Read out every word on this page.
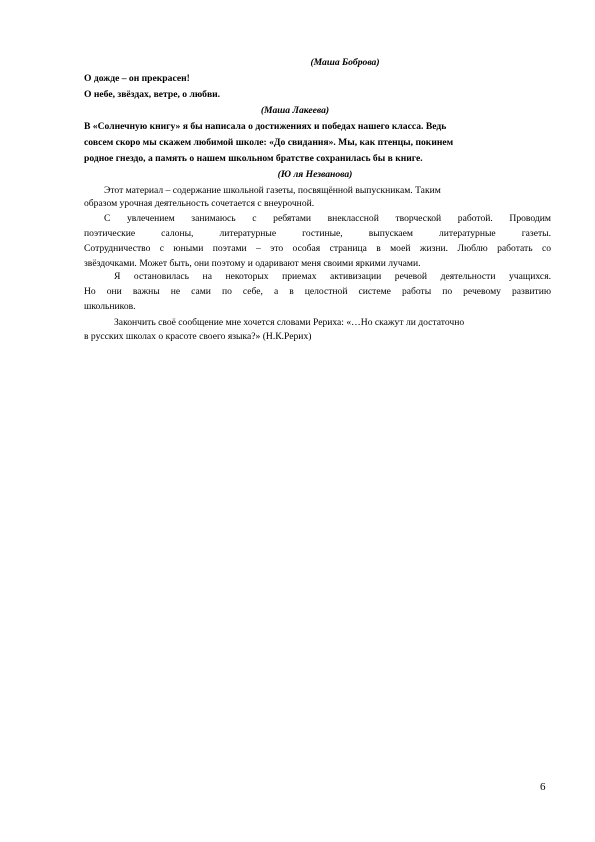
(Маша Боброва)
О дожде – он прекрасен!
О небе, звёздах, ветре, о любви.
(Маша Лакеева)
В «Солнечную книгу» я бы написала о достижениях и победах нашего класса. Ведь
совсем скоро мы скажем любимой школе: «До свидания». Мы, как птенцы, покинем
родное гнездо, а память о нашем школьном братстве сохранилась бы в книге.
(Ю ля Незванова)
Этот материал – содержание школьной газеты, посвящённой выпускникам. Таким
образом урочная деятельность сочетается с внеурочной.
С увлечением занимаюсь с ребятами внеклассной творческой работой. Проводим
поэтические салоны, литературные гостиные, выпускаем литературные газеты.
Сотрудничество с юными поэтами – это особая страница в моей жизни. Люблю работать со
звёздочками. Может быть, они поэтому и одаривают меня своими яркими лучами.
Я остановилась на некоторых приемах активизации речевой деятельности учащихся.
Но они важны не сами по себе, а в целостной системе работы по речевому развитию
школьников.
Закончить своё сообщение мне хочется словами Рериха: «…Но скажут ли достаточно
в русских школах о красоте своего языка?» (Н.К.Рерих)
6
